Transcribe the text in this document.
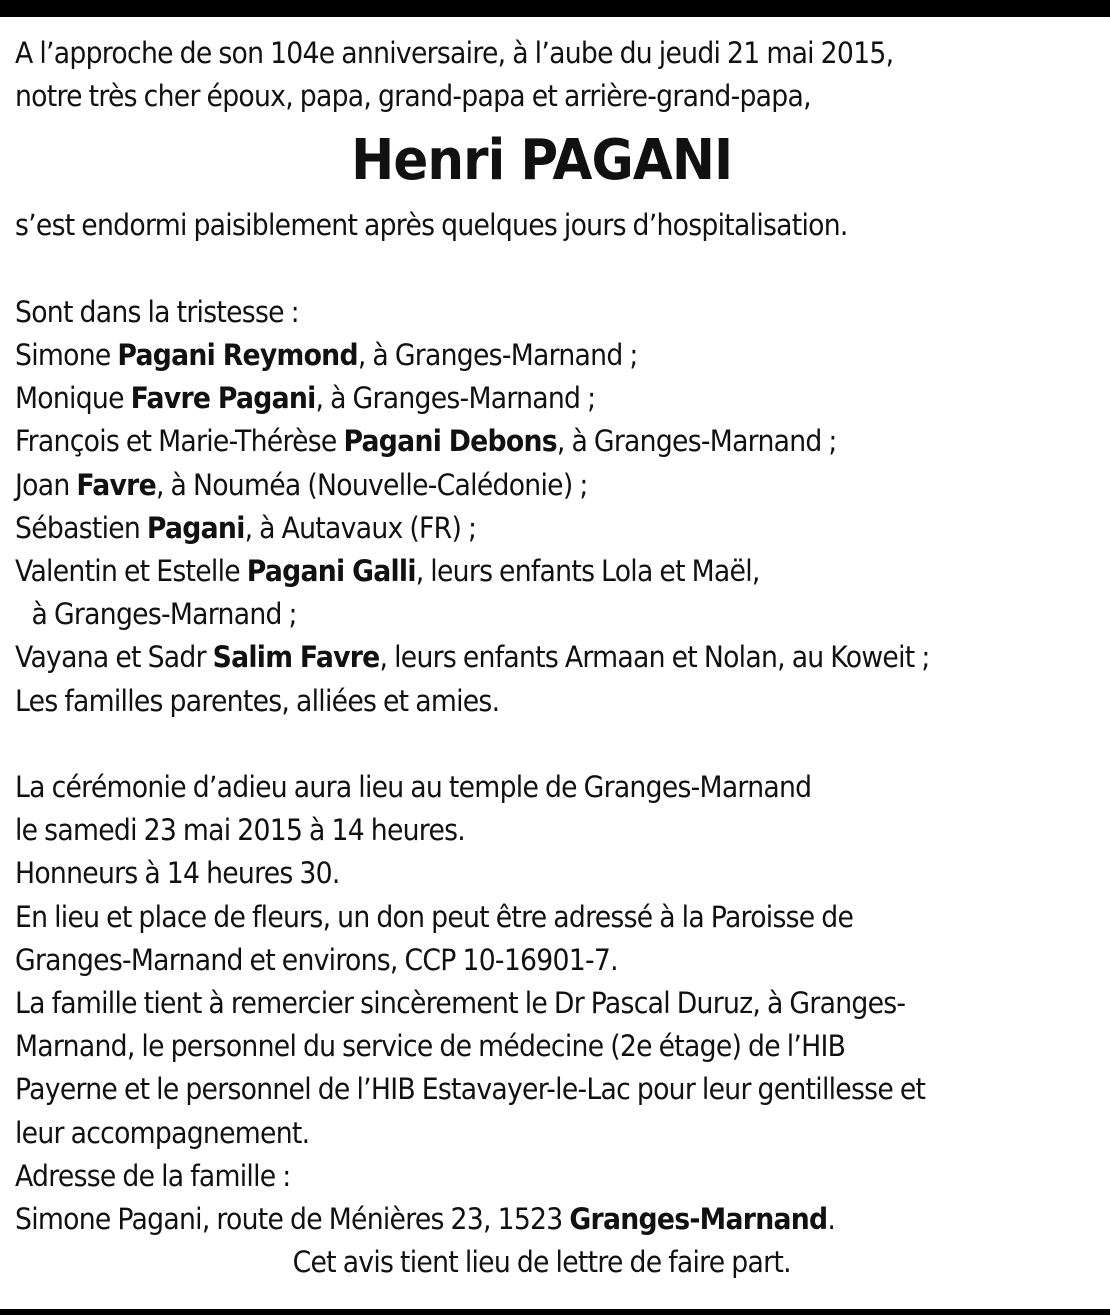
A l’approche de son 104e anniversaire, à l’aube du jeudi 21 mai 2015,

notre très cher époux, papa, grand-papa et arrière-grand-papa,

Henri PAGANI

s’est endormi paisiblement après quelques jours d’hospitalisation.

Sont dans la tristesse :

Simone Pagani Reymond, à Granges-Marnand ;

Monique Favre Pagani, à Granges-Marnand ;

François et Marie-Thérèse Pagani Debons, à Granges-Marnand ;

Joan Favre, à Nouméa (Nouvelle-Calédonie) ;

Sébastien Pagani, à Autavaux (FR) ;

Valentin et Estelle Pagani Galli, leurs enfants Lola et Maël,

à Granges-Marnand ;

Vayana et Sadr Salim Favre, leurs enfants Armaan et Nolan, au Koweit ;

Les familles parentes, alliées et amies.

La cérémonie d’adieu aura lieu au temple de Granges-Marnand

le samedi 23 mai 2015 à 14 heures.

Honneurs à 14 heures 30.

En lieu et place de fleurs, un don peut être adressé à la Paroisse de

Granges-Marnand et environs, CCP 10-16901-7.

La famille tient à remercier sincèrement le Dr Pascal Duruz, à Granges-

Marnand, le personnel du service de médecine (2e étage) de l’HIB

Payerne et le personnel de l’HIB Estavayer-le-Lac pour leur gentillesse et

leur accompagnement.

Adresse de la famille :

Simone Pagani, route de Ménières 23, 1523 Granges-Marnand.

Cet avis tient lieu de lettre de faire part.
